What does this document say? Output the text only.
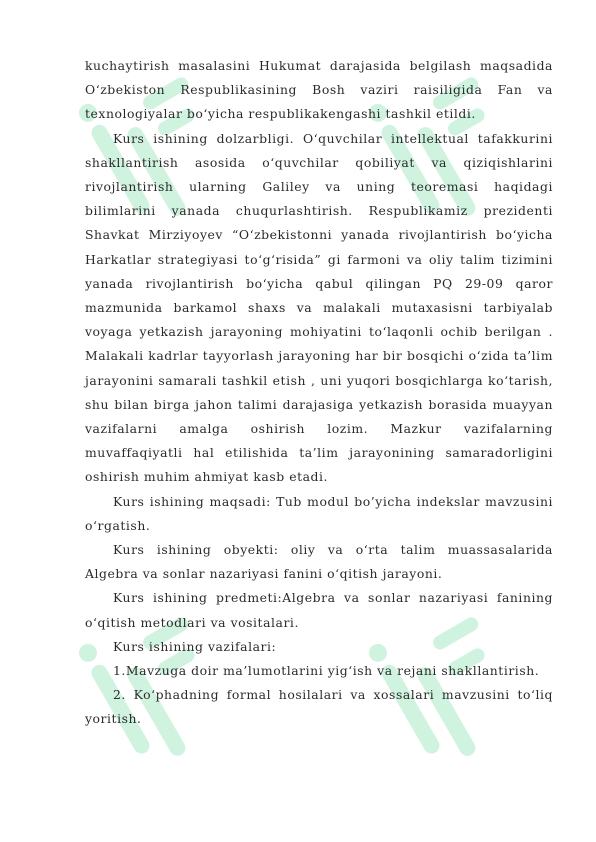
kuchaytirish masalasini Hukumat darajasida belgilash maqsadida O‘zbekiston Respublikasining Bosh vaziri raisiligida Fan va texnologiyalar bo‘yicha respublikakengashi tashkil etildi.

Kurs ishining dolzarbligi. O‘quvchilar intellektual tafakkurini shakllantirish asosida o‘quvchilar qobiliyat va qiziqishlarini rivojlantirish ularning Galiley va uning teoremasi haqidagi bilimlarini yanada chuqurlashtirish. Respublikamiz prezidenti Shavkat Mirziyoyev “O‘zbekistonni yanada rivojlantirish bo‘yicha Harkatlar strategiyasi to‘g‘risida” gi farmoni va oliy talim tizimini yanada rivojlantirish bo‘yicha qabul qilingan PQ 29-09 qaror mazmunida barkamol shaxs va malakali mutaxasisni tarbiyalab voyaga yetkazish jarayoning mohiyatini to‘laqonli ochib berilgan . Malakali kadrlar tayyorlash jarayoning har bir bosqichi o‘zida ta’lim jarayonini samarali tashkil etish , uni yuqori bosqichlarga ko‘tarish, shu bilan birga jahon talimi darajasiga yetkazish borasida muayyan vazifalarni amalga oshirish lozim. Mazkur vazifalarning muvaffaqiyatli hal etilishida ta’lim jarayonining samaradorligini oshirish muhim ahmiyat kasb etadi.

Kurs ishining maqsadi: Tub modul bo’yicha indekslar mavzusini o‘rgatish.

Kurs ishining obyekti: oliy va o‘rta talim muassasalarida Algebra va sonlar nazariyasi fanini o‘qitish jarayoni.

Kurs ishining predmeti:Algebra va sonlar nazariyasi fanining o‘qitish metodlari va vositalari.

Kurs ishining vazifalari:

1.Mavzuga doir ma’lumotlarini yig‘ish va rejani shakllantirish.

2. Ko‘phadning formal hosilalari va xossalari mavzusini to‘liq yoritish.
